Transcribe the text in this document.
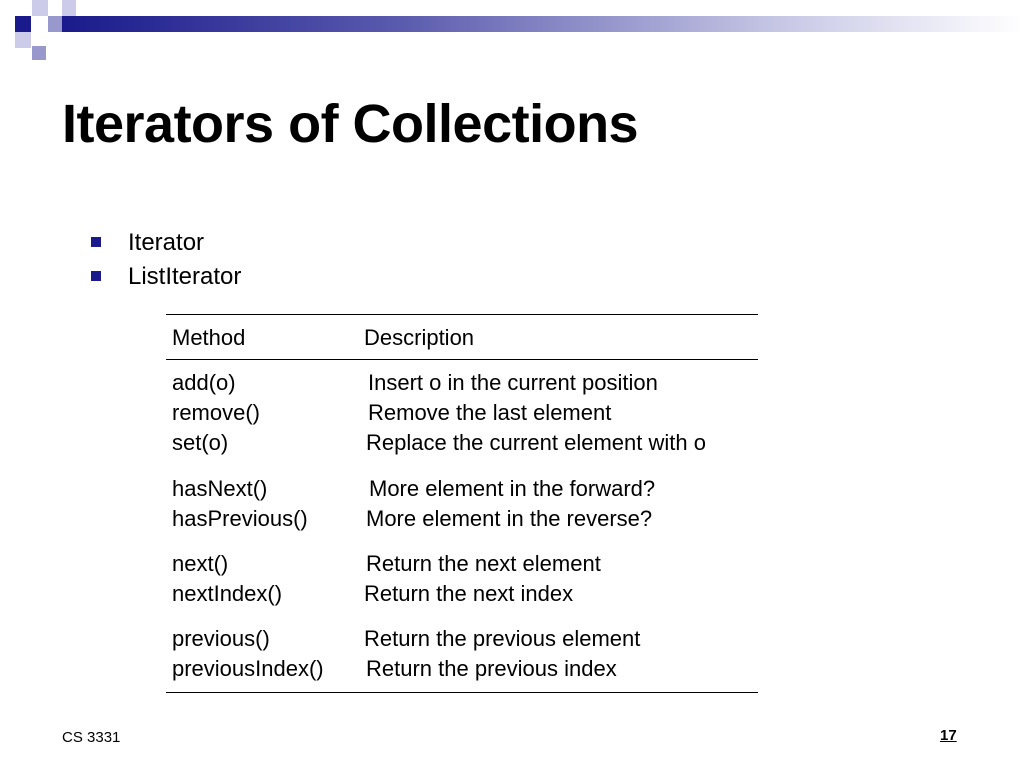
Iterators of Collections
Iterator
ListIterator
Method	Description
add(o)	Insert o in the current position
remove()	Remove the last element
set(o)	Replace the current element with o
hasNext()	More element in the forward?
hasPrevious()	More element in the reverse?
next()	Return the next element
nextIndex()	Return the next index
previous()	Return the previous element
previousIndex() Return the previous index
CS 3331	17
